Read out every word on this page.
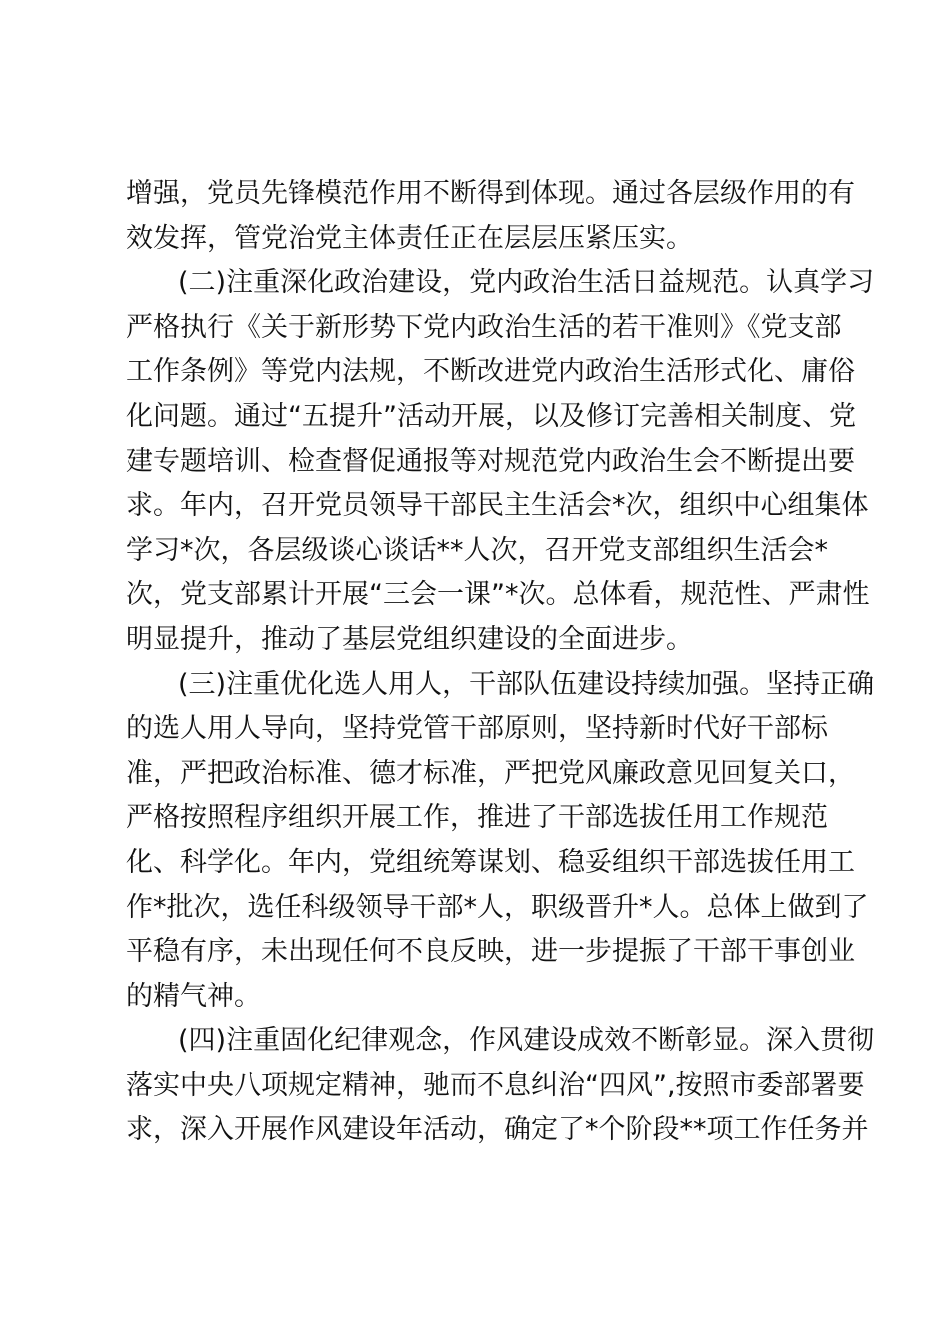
增强，党员先锋模范作用不断得到体现。通过各层级作用的有
效发挥，管党治党主体责任正在层层压紧压实。
(二)注重深化政治建设，党内政治生活日益规范。认真学习
严格执行《关于新形势下党内政治生活的若干准则》《党支部
工作条例》等党内法规，不断改进党内政治生活形式化、庸俗
化问题。通过“五提升”活动开展，以及修订完善相关制度、党
建专题培训、检查督促通报等对规范党内政治生会不断提出要
求。年内，召开党员领导干部民主生活会*次，组织中心组集体
学习*次，各层级谈心谈话**人次，召开党支部组织生活会*
次，党支部累计开展“三会一课”*次。总体看，规范性、严肃性
明显提升，推动了基层党组织建设的全面进步。
(三)注重优化选人用人，干部队伍建设持续加强。坚持正确
的选人用人导向，坚持党管干部原则，坚持新时代好干部标
准，严把政治标准、德才标准，严把党风廉政意见回复关口，
严格按照程序组织开展工作，推进了干部选拔任用工作规范
化、科学化。年内，党组统筹谋划、稳妥组织干部选拔任用工
作*批次，选任科级领导干部*人，职级晋升*人。总体上做到了
平稳有序，未出现任何不良反映，进一步提振了干部干事创业
的精气神。
(四)注重固化纪律观念，作风建设成效不断彰显。深入贯彻
落实中央八项规定精神，驰而不息纠治“四风”,按照市委部署要
求，深入开展作风建设年活动，确定了*个阶段**项工作任务并
